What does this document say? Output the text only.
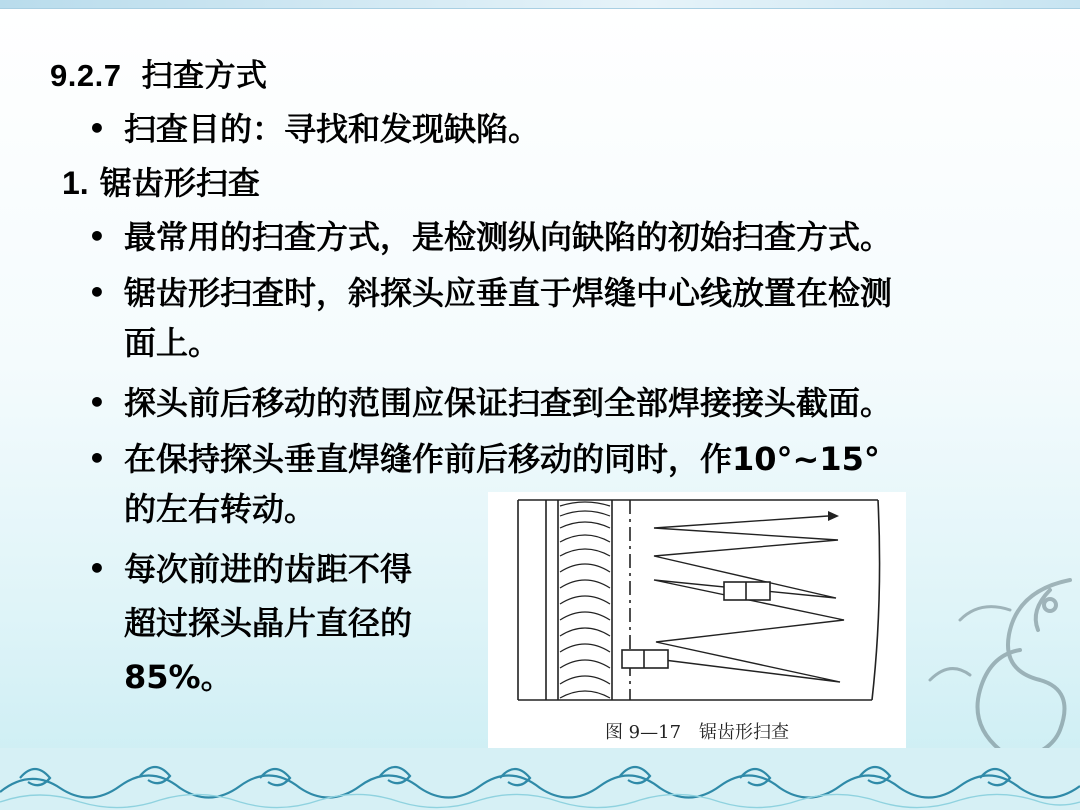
9.2.7 扫查方式
• 扫查目的：寻找和发现缺陷。
1. 锯齿形扫查
• 最常用的扫查方式，是检测纵向缺陷的初始扫查方式。
• 锯齿形扫查时，斜探头应垂直于焊缝中心线放置在检测
面上。
• 探头前后移动的范围应保证扫查到全部焊接接头截面。
• 在保持探头垂直焊缝作前后移动的同时，作10°~15°
的左右转动。
• 每次前进的齿距不得
超过探头晶片直径的
85%。
图 9—17　锯齿形扫查
